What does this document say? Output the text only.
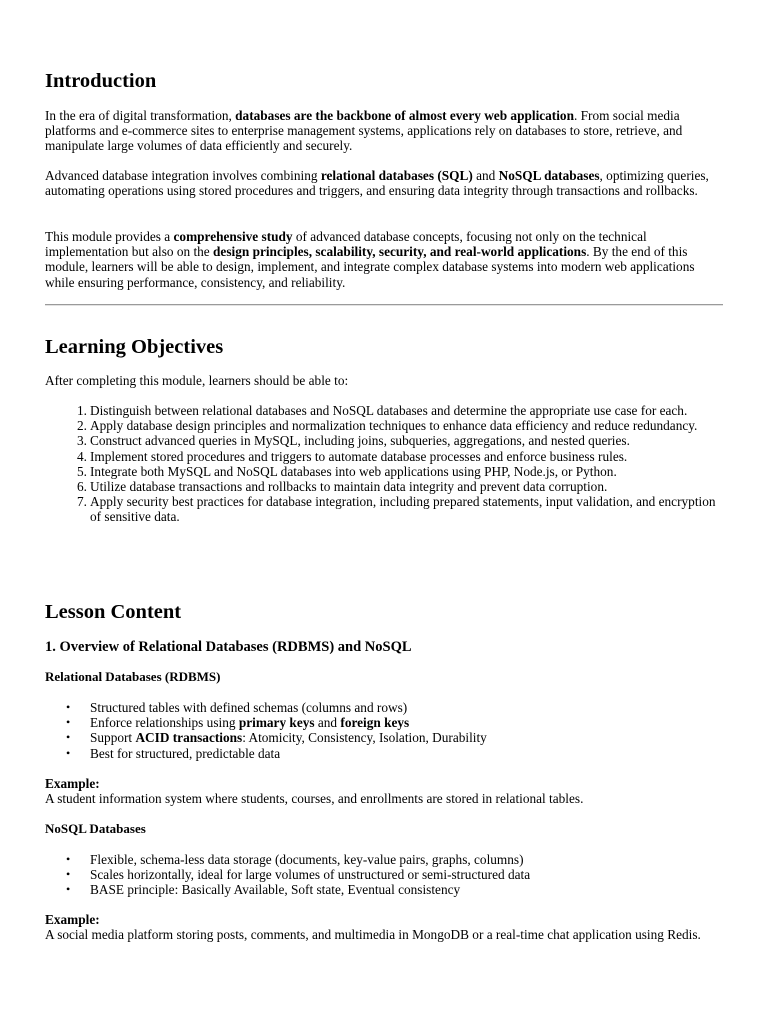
Introduction

In the era of digital transformation, databases are the backbone of almost every web application. From social media platforms and e-commerce sites to enterprise management systems, applications rely on databases to store, retrieve, and manipulate large volumes of data efficiently and securely.

Advanced database integration involves combining relational databases (SQL) and NoSQL databases, optimizing queries, automating operations using stored procedures and triggers, and ensuring data integrity through transactions and rollbacks.

This module provides a comprehensive study of advanced database concepts, focusing not only on the technical implementation but also on the design principles, scalability, security, and real-world applications. By the end of this module, learners will be able to design, implement, and integrate complex database systems into modern web applications while ensuring performance, consistency, and reliability.

Learning Objectives

After completing this module, learners should be able to:

1. Distinguish between relational databases and NoSQL databases and determine the appropriate use case for each.
2. Apply database design principles and normalization techniques to enhance data efficiency and reduce redundancy.
3. Construct advanced queries in MySQL, including joins, subqueries, aggregations, and nested queries.
4. Implement stored procedures and triggers to automate database processes and enforce business rules.
5. Integrate both MySQL and NoSQL databases into web applications using PHP, Node.js, or Python.
6. Utilize database transactions and rollbacks to maintain data integrity and prevent data corruption.
7. Apply security best practices for database integration, including prepared statements, input validation, and encryption of sensitive data.
Lesson Content
1. Overview of Relational Databases (RDBMS) and NoSQL
Relational Databases (RDBMS)
• Structured tables with defined schemas (columns and rows)
• Enforce relationships using primary keys and foreign keys
• Support ACID transactions: Atomicity, Consistency, Isolation, Durability
• Best for structured, predictable data

Example:
A student information system where students, courses, and enrollments are stored in relational tables.

NoSQL Databases
• Flexible, schema-less data storage (documents, key-value pairs, graphs, columns)
• Scales horizontally, ideal for large volumes of unstructured or semi-structured data
• BASE principle: Basically Available, Soft state, Eventual consistency

Example:
A social media platform storing posts, comments, and multimedia in MongoDB or a real-time chat application using Redis.
